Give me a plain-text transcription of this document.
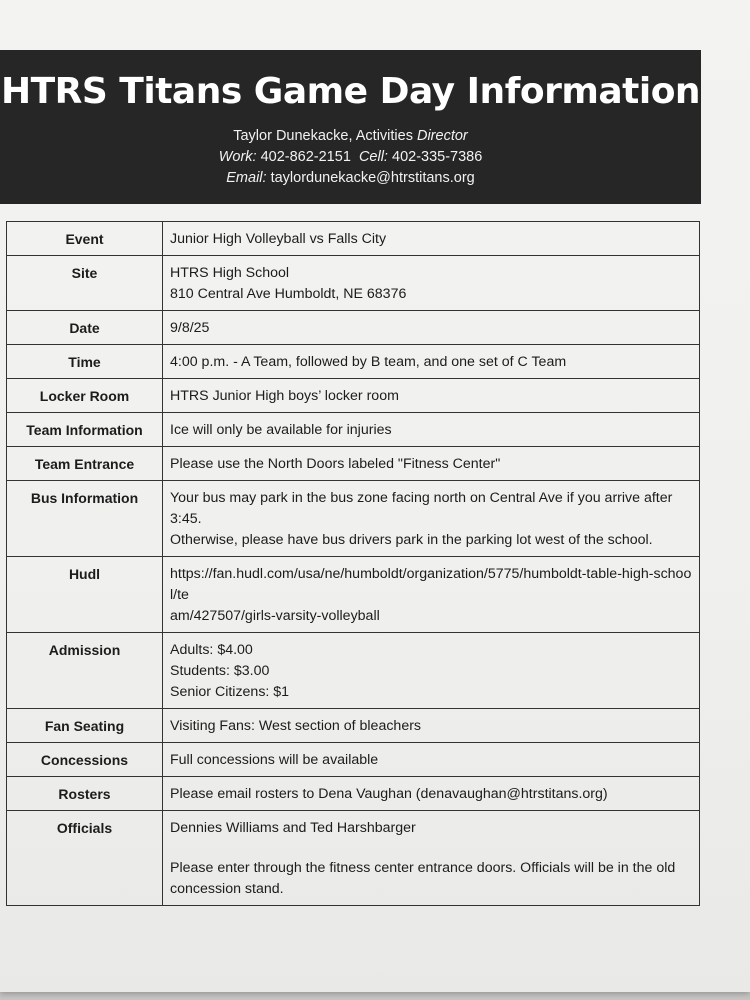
HTRS Titans Game Day Information
Taylor Dunekacke, Activities Director
Work: 402-862-2151 Cell: 402-335-7386
Email: taylordunekacke@htrstitans.org
Event	Junior High Volleyball vs Falls City

Site	HTRS High School
810 Central Ave Humboldt, NE 68376

Date	9/8/25

Time	4:00 p.m. - A Team, followed by B team, and one set of C Team

Locker Room	HTRS Junior High boys’ locker room

Team Information	Ice will only be available for injuries

Team Entrance	Please use the North Doors labeled "Fitness Center"

Bus Information	Your bus may park in the bus zone facing north on Central Ave if you arrive after 3:45.
Otherwise, please have bus drivers park in the parking lot west of the school.

Hudl	https://fan.hudl.com/usa/ne/humboldt/organization/5775/humboldt-table-high-school/te
am/427507/girls-varsity-volleyball

Admission	Adults: $4.00
Students: $3.00
Senior Citizens: $1

Fan Seating	Visiting Fans: West section of bleachers

Concessions	Full concessions will be available

Rosters	Please email rosters to Dena Vaughan (denavaughan@htrstitans.org)

Officials	Dennies Williams and Ted Harshbarger
Please enter through the fitness center entrance doors. Officials will be in the old
concession stand.
